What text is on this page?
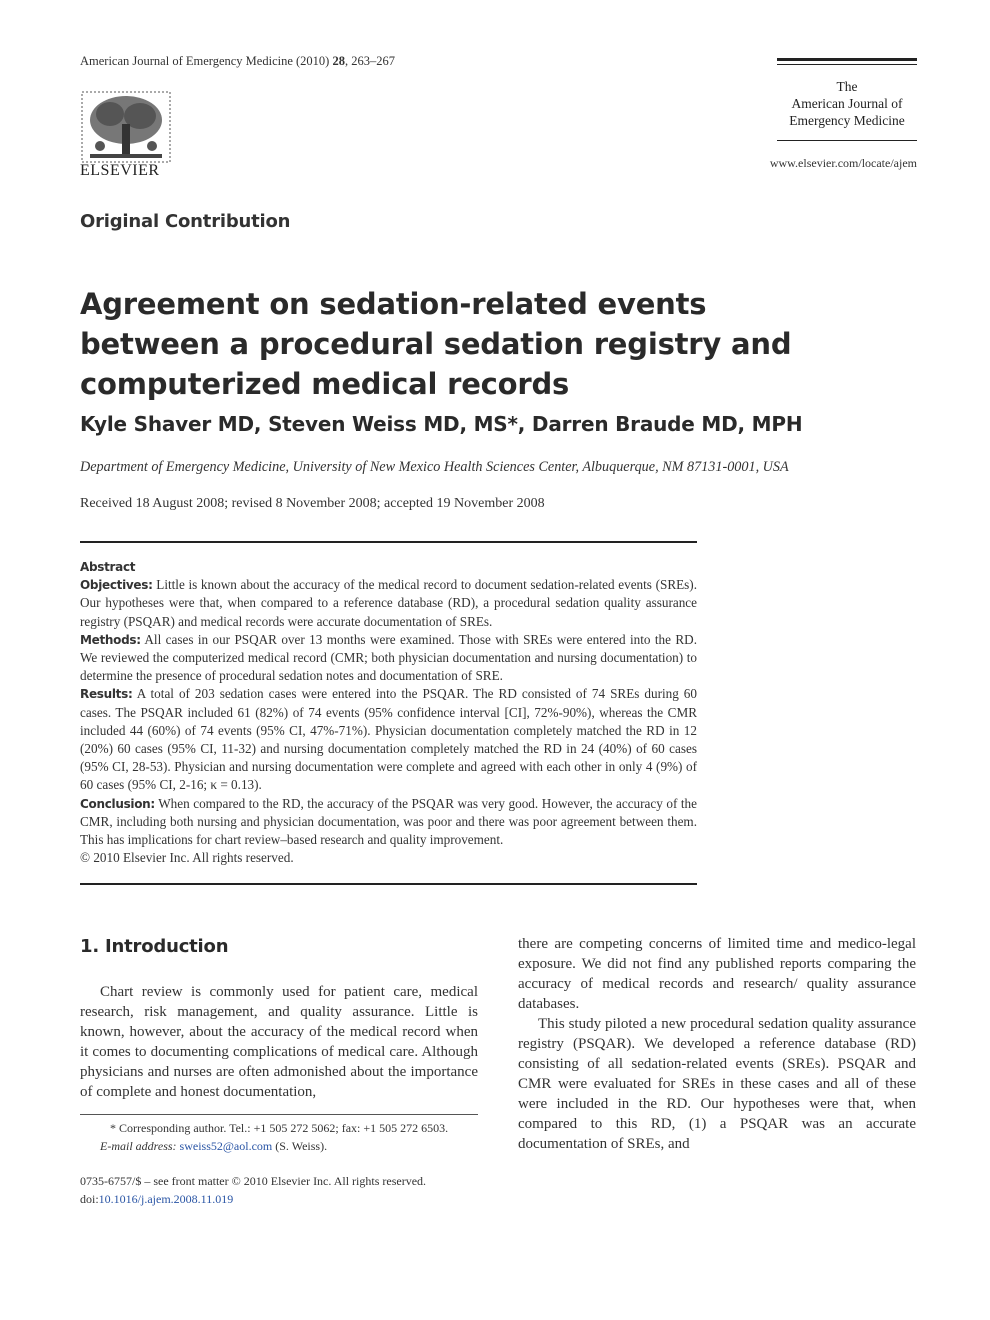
American Journal of Emergency Medicine (2010) 28, 263–267
ELSEVIER
The
American Journal of
Emergency Medicine
www.elsevier.com/locate/ajem
Original Contribution
Agreement on sedation-related events between a procedural sedation registry and computerized medical records
Kyle Shaver MD, Steven Weiss MD, MS*, Darren Braude MD, MPH
Department of Emergency Medicine, University of New Mexico Health Sciences Center, Albuquerque, NM 87131-0001, USA
Received 18 August 2008; revised 8 November 2008; accepted 19 November 2008

Abstract

Objectives: Little is known about the accuracy of the medical record to document sedation-related events (SREs). Our hypotheses were that, when compared to a reference database (RD), a procedural sedation quality assurance registry (PSQAR) and medical records were accurate documentation of SREs.

Methods: All cases in our PSQAR over 13 months were examined. Those with SREs were entered into the RD. We reviewed the computerized medical record (CMR; both physician documentation and nursing documentation) to determine the presence of procedural sedation notes and documentation of SRE.

Results: A total of 203 sedation cases were entered into the PSQAR. The RD consisted of 74 SREs during 60 cases. The PSQAR included 61 (82%) of 74 events (95% confidence interval [CI], 72%-90%), whereas the CMR included 44 (60%) of 74 events (95% CI, 47%-71%). Physician documentation completely matched the RD in 12 (20%) 60 cases (95% CI, 11-32) and nursing documentation completely matched the RD in 24 (40%) of 60 cases (95% CI, 28-53). Physician and nursing documentation were complete and agreed with each other in only 4 (9%) of 60 cases (95% CI, 2-16; κ = 0.13).

Conclusion: When compared to the RD, the accuracy of the PSQAR was very good. However, the accuracy of the CMR, including both nursing and physician documentation, was poor and there was poor agreement between them. This has implications for chart review–based research and quality improvement.

© 2010 Elsevier Inc. All rights reserved.

1. Introduction

Chart review is commonly used for patient care, medical research, risk management, and quality assurance. Little is known, however, about the accuracy of the medical record when it comes to documenting complications of medical care. Although physicians and nurses are often admonished about the importance of complete and honest documentation,

there are competing concerns of limited time and medico-legal exposure. We did not find any published reports comparing the accuracy of medical records and research/ quality assurance databases.

This study piloted a new procedural sedation quality assurance registry (PSQAR). We developed a reference database (RD) consisting of all sedation-related events (SREs). PSQAR and CMR were evaluated for SREs in these cases and all of these were included in the RD. Our hypotheses were that, when compared to this RD, (1) a PSQAR was an accurate documentation of SREs, and

* Corresponding author. Tel.: +1 505 272 5062; fax: +1 505 272 6503.
E-mail address: sweiss52@aol.com (S. Weiss).
0735-6757/$ – see front matter © 2010 Elsevier Inc. All rights reserved.
doi:10.1016/j.ajem.2008.11.019
